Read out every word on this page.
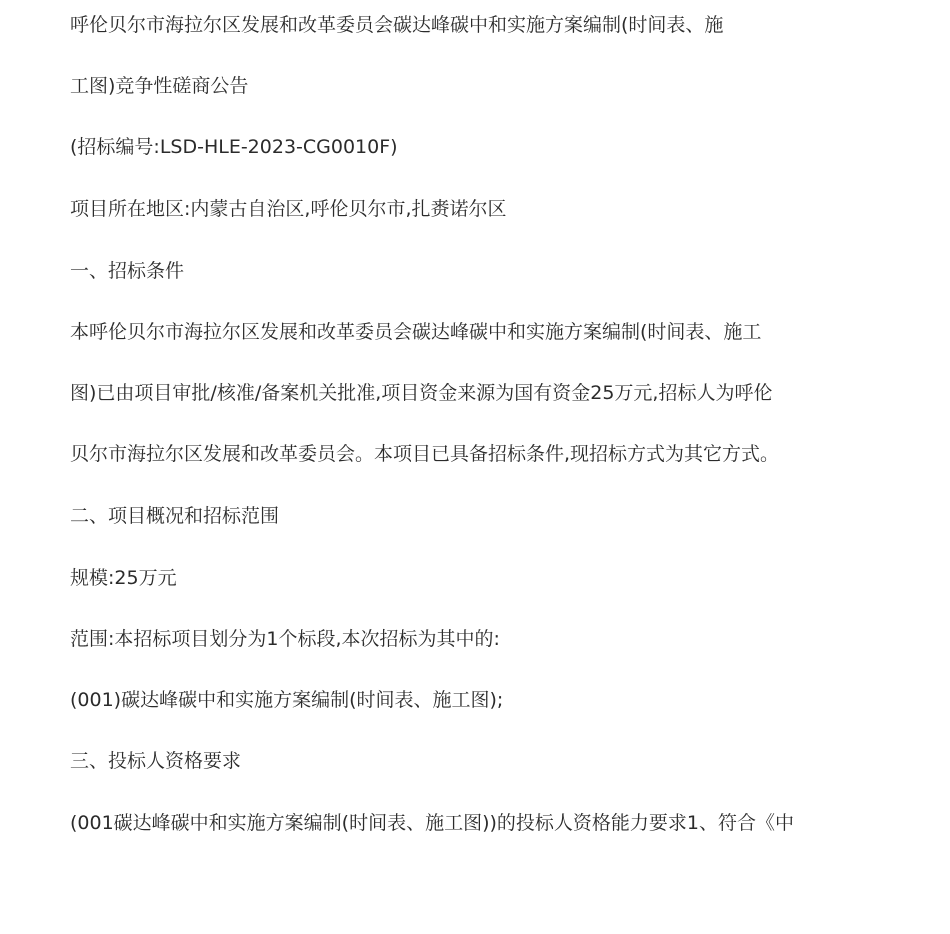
呼伦贝尔市海拉尔区发展和改革委员会碳达峰碳中和实施方案编制(时间表、施
工图)竞争性磋商公告
(招标编号:LSD-HLE-2023-CG0010F)
项目所在地区:内蒙古自治区,呼伦贝尔市,扎赉诺尔区
一、招标条件
本呼伦贝尔市海拉尔区发展和改革委员会碳达峰碳中和实施方案编制(时间表、施工
图)已由项目审批/核准/备案机关批准,项目资金来源为国有资金25万元,招标人为呼伦
贝尔市海拉尔区发展和改革委员会。本项目已具备招标条件,现招标方式为其它方式。
二、项目概况和招标范围
规模:25万元
范围:本招标项目划分为1个标段,本次招标为其中的:
(001)碳达峰碳中和实施方案编制(时间表、施工图);
三、投标人资格要求
(001碳达峰碳中和实施方案编制(时间表、施工图))的投标人资格能力要求1、符合《中
